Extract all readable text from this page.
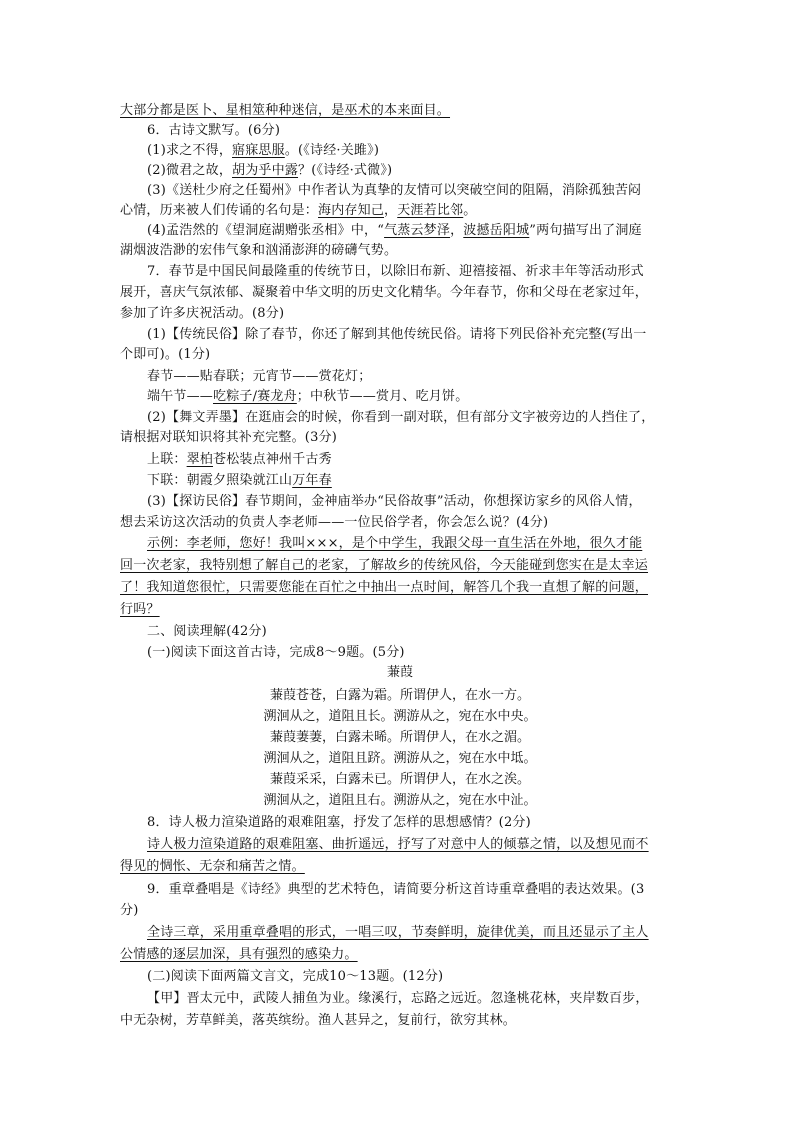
大部分都是医卜、星相筮种种迷信，是巫术的本来面目。
6．古诗文默写。(6分)
(1)求之不得，寤寐思服。(《诗经·关雎》)
(2)微君之故，胡为乎中露？(《诗经·式微》)
(3)《送杜少府之任蜀州》中作者认为真挚的友情可以突破空间的阻隔，消除孤独苦闷
心情，历来被人们传诵的名句是：海内存知己，天涯若比邻。
(4)孟浩然的《望洞庭湖赠张丞相》中，“气蒸云梦泽，波撼岳阳城”两句描写出了洞庭
湖烟波浩渺的宏伟气象和汹涌澎湃的磅礴气势。
7．春节是中国民间最隆重的传统节日，以除旧布新、迎禧接福、祈求丰年等活动形式
展开，喜庆气氛浓郁、凝聚着中华文明的历史文化精华。今年春节，你和父母在老家过年，
参加了许多庆祝活动。(8分)
(1)【传统民俗】除了春节，你还了解到其他传统民俗。请将下列民俗补充完整(写出一
个即可)。(1分)
春节——贴春联；元宵节——赏花灯；
端午节——吃粽子/赛龙舟；中秋节——赏月、吃月饼。
(2)【舞文弄墨】在逛庙会的时候，你看到一副对联，但有部分文字被旁边的人挡住了，
请根据对联知识将其补充完整。(3分)
上联：翠柏苍松装点神州千古秀
下联：朝霞夕照染就江山万年春
(3)【探访民俗】春节期间，金神庙举办“民俗故事”活动，你想探访家乡的风俗人情，
想去采访这次活动的负责人李老师——一位民俗学者，你会怎么说？(4分)
示例：李老师，您好！我叫×××，是个中学生，我跟父母一直生活在外地，很久才能
回一次老家，我特别想了解自己的老家，了解故乡的传统风俗，今天能碰到您实在是太幸运
了！我知道您很忙，只需要您能在百忙之中抽出一点时间，解答几个我一直想了解的问题，
行吗？
二、阅读理解(42分)
(一)阅读下面这首古诗，完成8～9题。(5分)
蒹葭
蒹葭苍苍，白露为霜。所谓伊人，在水一方。
溯洄从之，道阻且长。溯游从之，宛在水中央。
蒹葭萋萋，白露未晞。所谓伊人，在水之湄。
溯洄从之，道阻且跻。溯游从之，宛在水中坻。
蒹葭采采，白露未已。所谓伊人，在水之涘。
溯洄从之，道阻且右。溯游从之，宛在水中沚。
8．诗人极力渲染道路的艰难阻塞，抒发了怎样的思想感情？(2分)
诗人极力渲染道路的艰难阻塞、曲折遥远，抒写了对意中人的倾慕之情，以及想见而不
得见的惆怅、无奈和痛苦之情。
9．重章叠唱是《诗经》典型的艺术特色，请简要分析这首诗重章叠唱的表达效果。(3
分)
全诗三章，采用重章叠唱的形式，一唱三叹，节奏鲜明，旋律优美，而且还显示了主人
公情感的逐层加深，具有强烈的感染力。
(二)阅读下面两篇文言文，完成10～13题。(12分)
【甲】晋太元中，武陵人捕鱼为业。缘溪行，忘路之远近。忽逢桃花林，夹岸数百步，
中无杂树，芳草鲜美，落英缤纷。渔人甚异之，复前行，欲穷其林。
